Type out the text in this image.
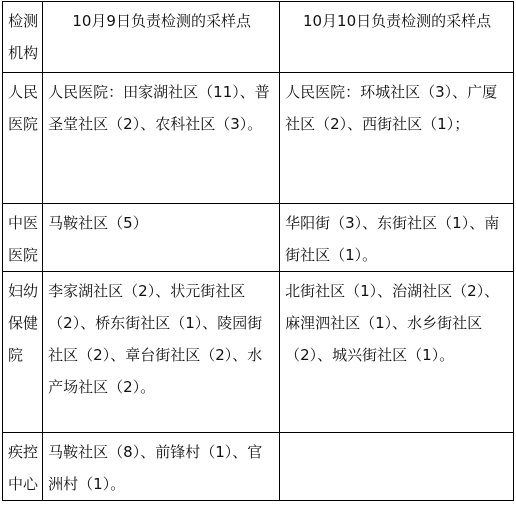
检测机构	10月9日负责检测的采样点	10月10日负责检测的采样点

人民医院	人民医院：田家湖社区（11）、普圣堂社区（2）、农科社区（3）。	人民医院：环城社区（3）、广厦社区（2）、西街社区（1）；

中医医院	马鞍社区（5）	华阳街（3）、东街社区（1）、南街社区（1）。

妇幼保健院	李家湖社区（2）、状元街社区（2）、桥东街社区（1）、陵园街社区（2）、章台街社区（2）、水产场社区（2）。	北街社区（1）、治湖社区（2）、麻浬泗社区（1）、水乡街社区（2）、城兴街社区（1）。

疾控中心	马鞍社区（8）、前锋村（1）、官洲村（1）。	
